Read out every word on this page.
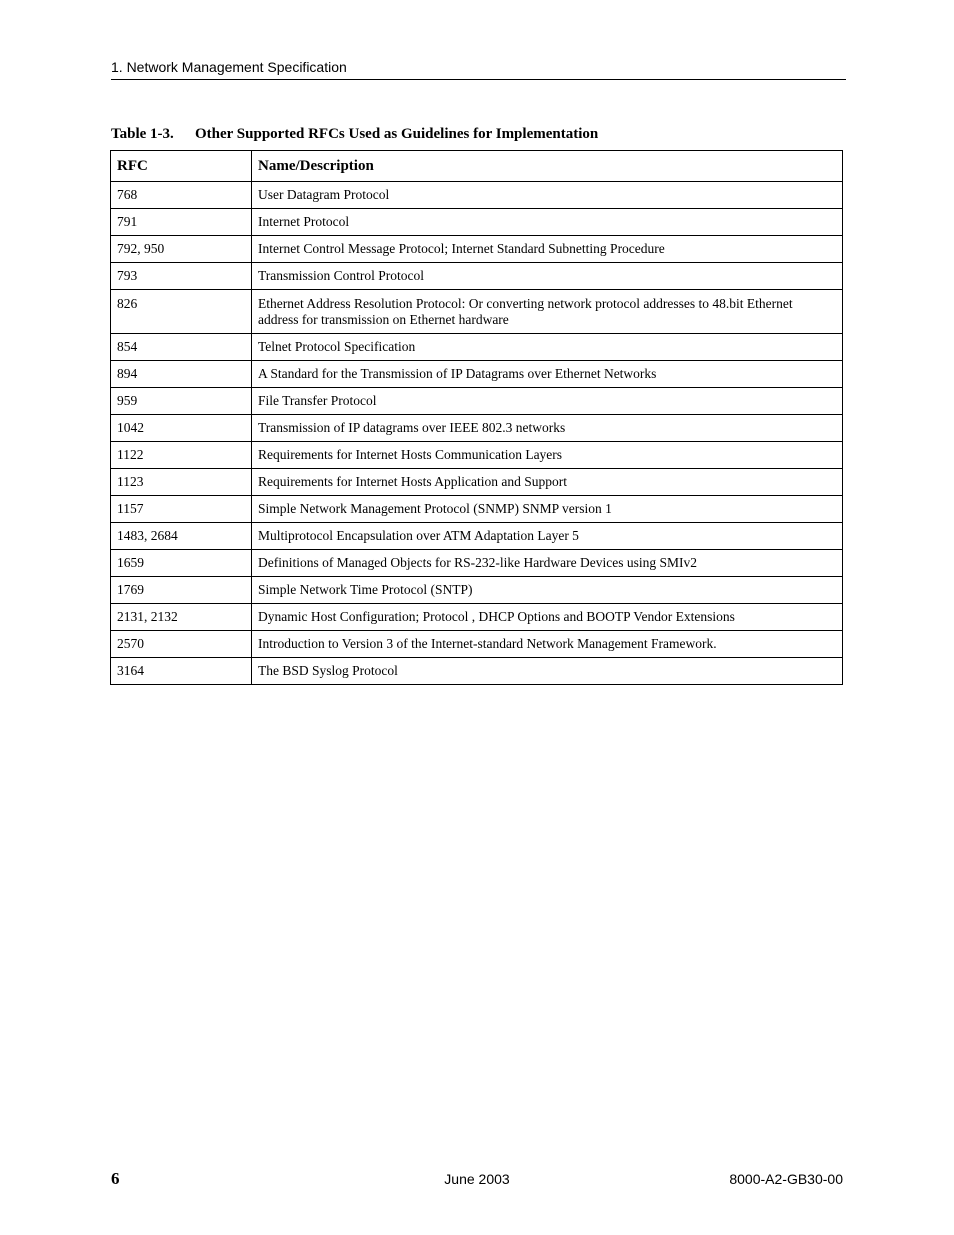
1. Network Management Specification
Table 1-3. Other Supported RFCs Used as Guidelines for Implementation
RFC	Name/Description
768	User Datagram Protocol
791	Internet Protocol
792, 950	Internet Control Message Protocol; Internet Standard Subnetting Procedure
793	Transmission Control Protocol
826	Ethernet Address Resolution Protocol: Or converting network protocol addresses to 48.bit Ethernet address for transmission on Ethernet hardware
854	Telnet Protocol Specification
894	A Standard for the Transmission of IP Datagrams over Ethernet Networks
959	File Transfer Protocol
1042	Transmission of IP datagrams over IEEE 802.3 networks
1122	Requirements for Internet Hosts Communication Layers
1123	Requirements for Internet Hosts Application and Support
1157	Simple Network Management Protocol (SNMP) SNMP version 1
1483, 2684	Multiprotocol Encapsulation over ATM Adaptation Layer 5
1659	Definitions of Managed Objects for RS-232-like Hardware Devices using SMIv2
1769	Simple Network Time Protocol (SNTP)
2131, 2132	Dynamic Host Configuration; Protocol , DHCP Options and BOOTP Vendor Extensions
2570	Introduction to Version 3 of the Internet-standard Network Management Framework.
3164	The BSD Syslog Protocol
6	June 2003	8000-A2-GB30-00
